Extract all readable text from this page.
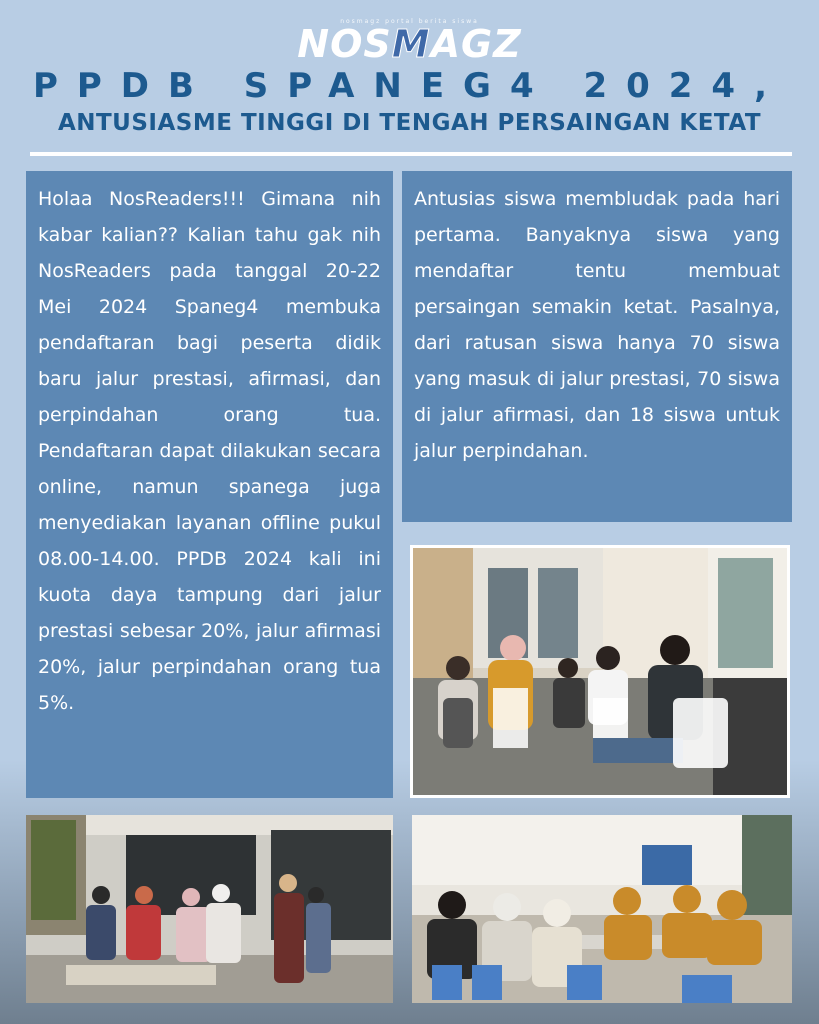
nosmagz portal berita siswa
NOSMAGZ
PPDB SPANEG4 2024,
ANTUSIASME TINGGI DI TENGAH PERSAINGAN KETAT
Holaa NosReaders!!! Gimana nih kabar kalian?? Kalian tahu gak nih NosReaders pada tanggal 20-22 Mei 2024 Spaneg4 membuka pendaftaran bagi peserta didik baru jalur prestasi, afirmasi, dan perpindahan orang tua. Pendaftaran dapat dilakukan secara online, namun spanega juga menyediakan layanan offline pukul 08.00-14.00. PPDB 2024 kali ini kuota daya tampung dari jalur prestasi sebesar 20%, jalur afirmasi 20%, jalur perpindahan orang tua 5%.
Antusias siswa membludak pada hari pertama. Banyaknya siswa yang mendaftar tentu membuat persaingan semakin ketat. Pasalnya, dari ratusan siswa hanya 70 siswa yang masuk di jalur prestasi, 70 siswa di jalur afirmasi, dan 18 siswa untuk jalur perpindahan.
